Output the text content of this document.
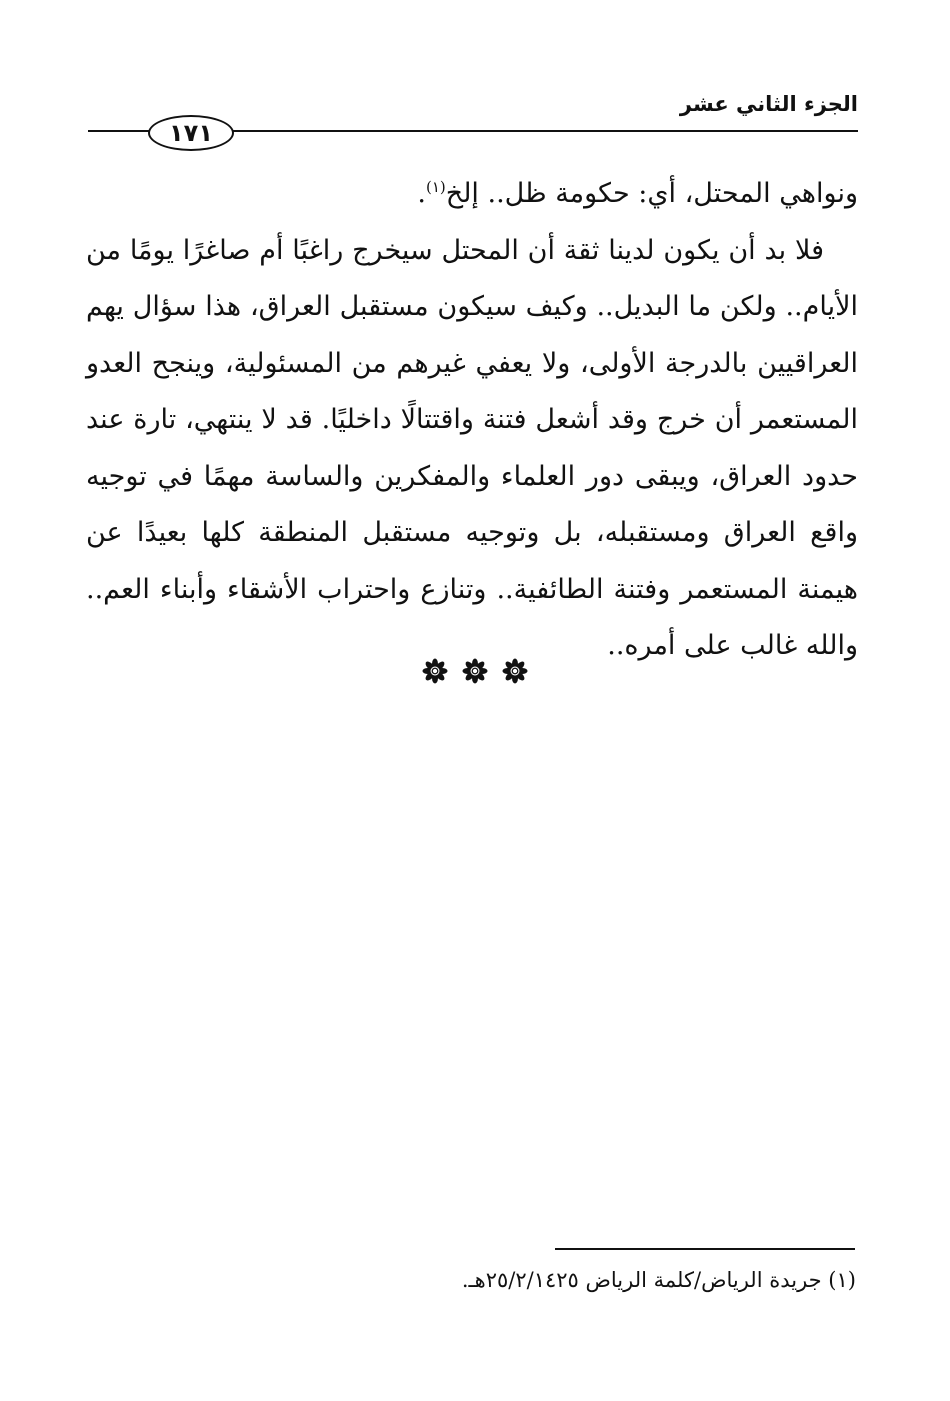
الجزء الثاني عشر
١٧١

ونواهي المحتل، أي: حكومة ظل.. إلخ$^{(١)}$.

فلا بد أن يكون لدينا ثقة أن المحتل سيخرج راغبًا أم صاغرًا يومًا من الأيام.. ولكن ما البديل.. وكيف سيكون مستقبل العراق، هذا سؤال يهم العراقيين بالدرجة الأولى، ولا يعفي غيرهم من المسئولية، وينجح العدو المستعمر أن خرج وقد أشعل فتنة واقتتالًا داخليًا. قد لا ينتهي، تارة عند حدود العراق، ويبقى دور العلماء والمفكرين والساسة مهمًا في توجيه واقع العراق ومستقبله، بل وتوجيه مستقبل المنطقة كلها بعيدًا عن هيمنة المستعمر وفتنة الطائفية.. وتنازع واحتراب الأشقاء وأبناء العم.. والله غالب على أمره..

(١) جريدة الرياض/كلمة الرياض ٢٥/٢/١٤٢٥هـ.
